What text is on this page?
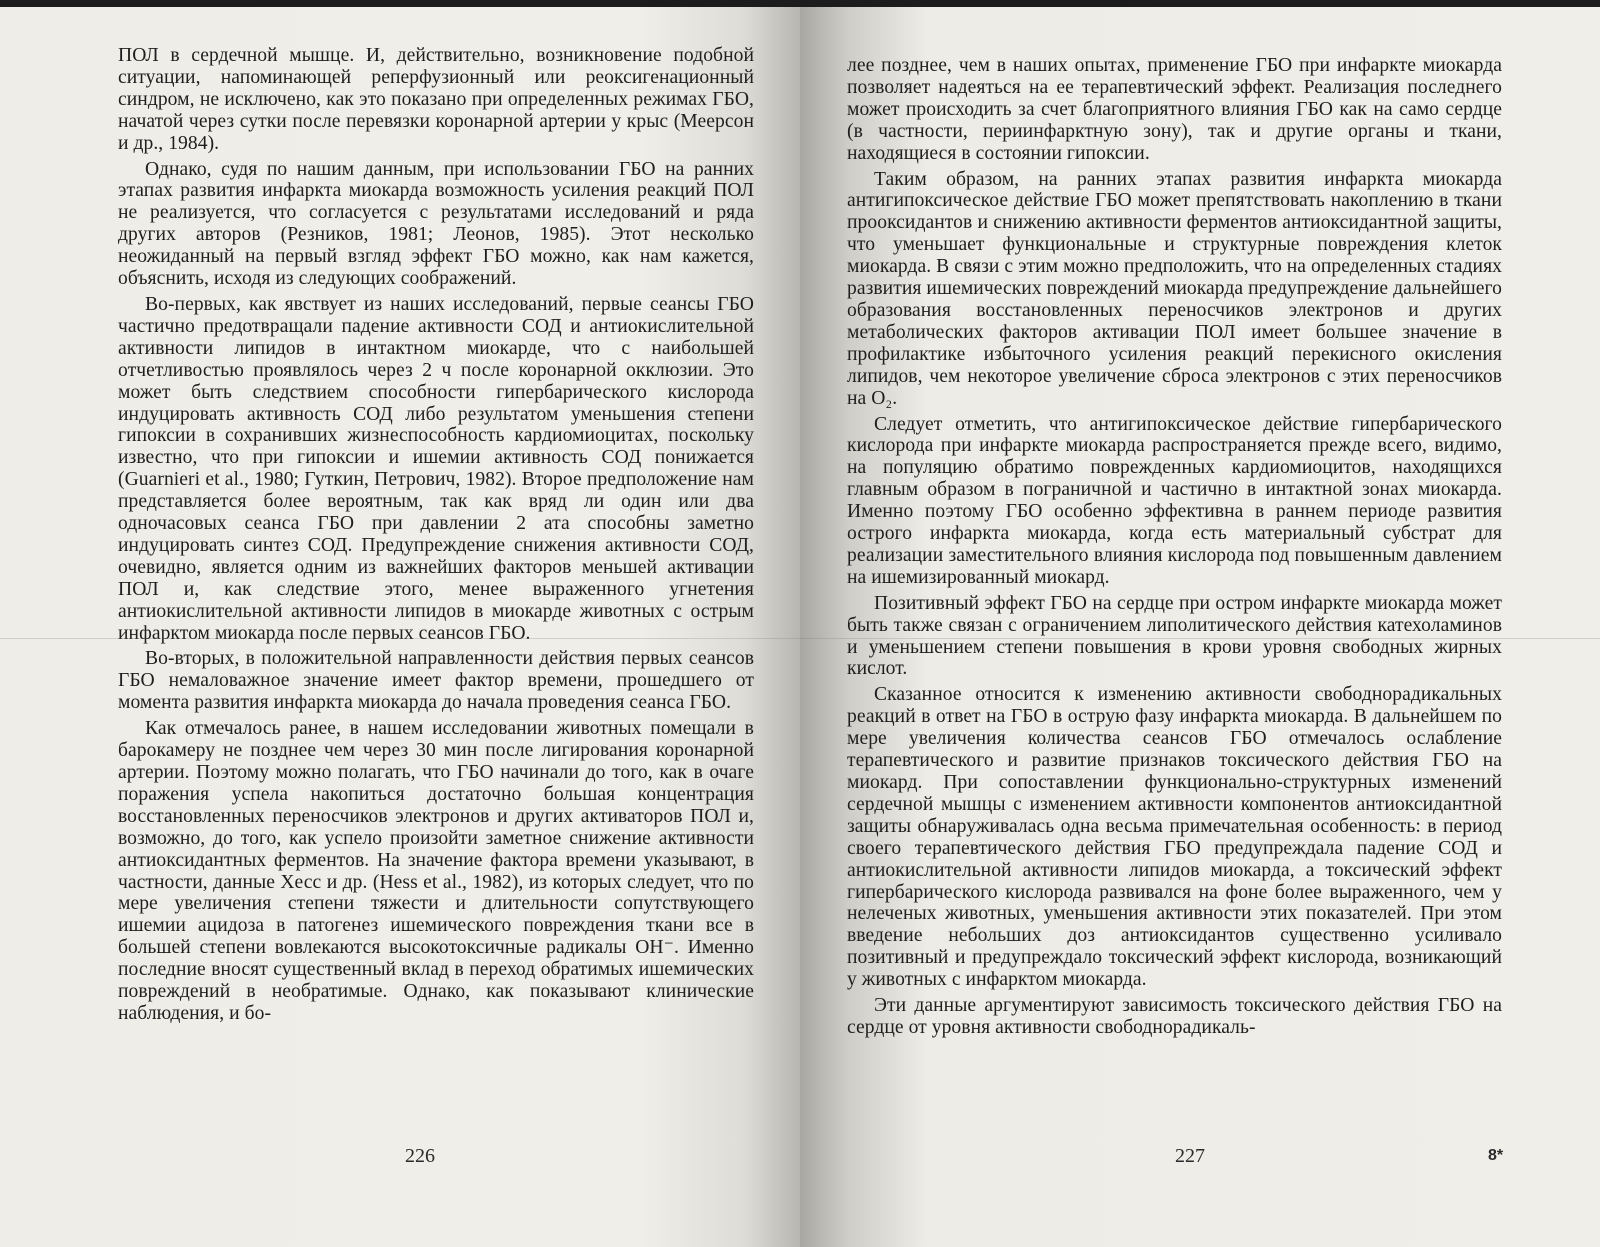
ПОЛ в сердечной мышце. И, действительно, возникновение подобной ситуации, напоминающей реперфузионный или реоксигенационный синдром, не исключено, как это показано при определенных режимах ГБО, начатой через сутки после перевязки коронарной артерии у крыс (Меерсон и др., 1984).

Однако, судя по нашим данным, при использовании ГБО на ранних этапах развития инфаркта миокарда возможность усиления реакций ПОЛ не реализуется, что согласуется с результатами исследований и ряда других авторов (Резников, 1981; Леонов, 1985). Этот несколько неожиданный на первый взгляд эффект ГБО можно, как нам кажется, объяснить, исходя из следующих соображений.

Во-первых, как явствует из наших исследований, первые сеансы ГБО частично предотвращали падение активности СОД и антиокислительной активности липидов в интактном миокарде, что с наибольшей отчетливостью проявлялось через 2 ч после коронарной окклюзии. Это может быть следствием способности гипербарического кислорода индуцировать активность СОД либо результатом уменьшения степени гипоксии в сохранивших жизнеспособность кардиомиоцитах, поскольку известно, что при гипоксии и ишемии активность СОД понижается (Guarnieri et al., 1980; Гуткин, Петрович, 1982). Второе предположение нам представляется более вероятным, так как вряд ли один или два одночасовых сеанса ГБО при давлении 2 ата способны заметно индуцировать синтез СОД. Предупреждение снижения активности СОД, очевидно, является одним из важнейших факторов меньшей активации ПОЛ и, как следствие этого, менее выраженного угнетения антиокислительной активности липидов в миокарде животных с острым инфарктом миокарда после первых сеансов ГБО.

Во-вторых, в положительной направленности действия первых сеансов ГБО немаловажное значение имеет фактор времени, прошедшего от момента развития инфаркта миокарда до начала проведения сеанса ГБО.

Как отмечалось ранее, в нашем исследовании животных помещали в барокамеру не позднее чем через 30 мин после лигирования коронарной артерии. Поэтому можно полагать, что ГБО начинали до того, как в очаге поражения успела накопиться достаточно большая концентрация восстановленных переносчиков электронов и других активаторов ПОЛ и, возможно, до того, как успело произойти заметное снижение активности антиоксидантных ферментов. На значение фактора времени указывают, в частности, данные Хесс и др. (Hess et al., 1982), из которых следует, что по мере увеличения степени тяжести и длительности сопутствующего ишемии ацидоза в патогенез ишемического повреждения ткани все в большей степени вовлекаются высокотоксичные радикалы ОН⁻. Именно последние вносят существенный вклад в переход обратимых ишемических повреждений в необратимые. Однако, как показывают клинические наблюдения, и бо-

226

лее позднее, чем в наших опытах, применение ГБО при инфаркте миокарда позволяет надеяться на ее терапевтический эффект. Реализация последнего может происходить за счет благоприятного влияния ГБО как на само сердце (в частности, периинфарктную зону), так и другие органы и ткани, находящиеся в состоянии гипоксии.

Таким образом, на ранних этапах развития инфаркта миокарда антигипоксическое действие ГБО может препятствовать накоплению в ткани прооксидантов и снижению активности ферментов антиоксидантной защиты, что уменьшает функциональные и структурные повреждения клеток миокарда. В связи с этим можно предположить, что на определенных стадиях развития ишемических повреждений миокарда предупреждение дальнейшего образования восстановленных переносчиков электронов и других метаболических факторов активации ПОЛ имеет большее значение в профилактике избыточного усиления реакций перекисного окисления липидов, чем некоторое увеличение сброса электронов с этих переносчиков на О₂.

Следует отметить, что антигипоксическое действие гипербарического кислорода при инфаркте миокарда распространяется прежде всего, видимо, на популяцию обратимо поврежденных кардиомиоцитов, находящихся главным образом в пограничной и частично в интактной зонах миокарда. Именно поэтому ГБО особенно эффективна в раннем периоде развития острого инфаркта миокарда, когда есть материальный субстрат для реализации заместительного влияния кислорода под повышенным давлением на ишемизированный миокард.

Позитивный эффект ГБО на сердце при остром инфаркте миокарда может быть также связан с ограничением липолитического действия катехоламинов и уменьшением степени повышения в крови уровня свободных жирных кислот.

Сказанное относится к изменению активности свободнорадикальных реакций в ответ на ГБО в острую фазу инфаркта миокарда. В дальнейшем по мере увеличения количества сеансов ГБО отмечалось ослабление терапевтического и развитие признаков токсического действия ГБО на миокард. При сопоставлении функционально-структурных изменений сердечной мышцы с изменением активности компонентов антиоксидантной защиты обнаруживалась одна весьма примечательная особенность: в период своего терапевтического действия ГБО предупреждала падение СОД и антиокислительной активности липидов миокарда, а токсический эффект гипербарического кислорода развивался на фоне более выраженного, чем у нелеченых животных, уменьшения активности этих показателей. При этом введение небольших доз антиоксидантов существенно усиливало позитивный и предупреждало токсический эффект кислорода, возникающий у животных с инфарктом миокарда.

Эти данные аргументируют зависимость токсического действия ГБО на сердце от уровня активности свободнорадикаль-

227	8*
